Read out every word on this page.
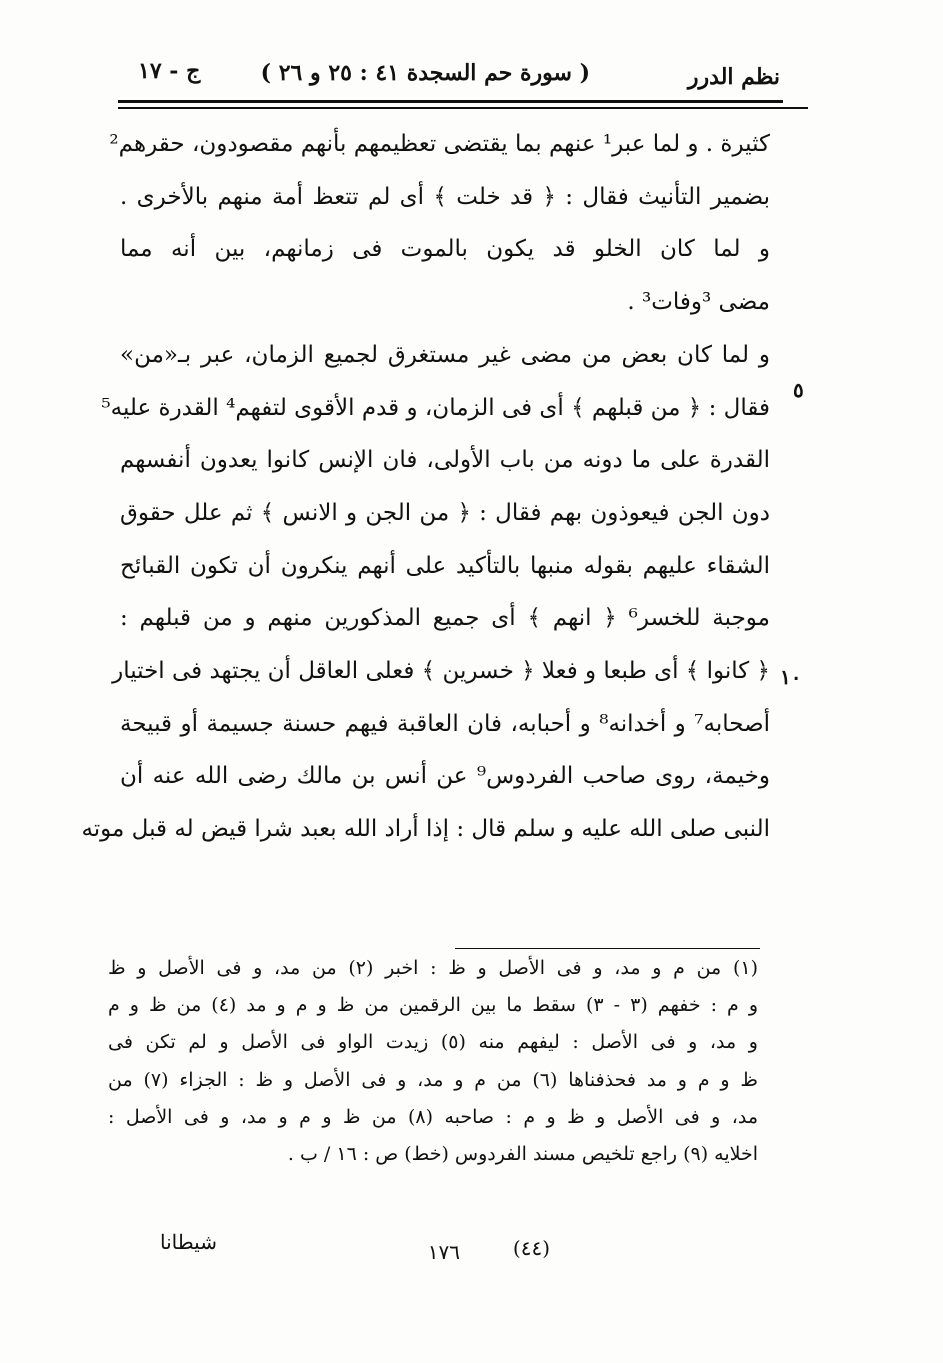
نظم الدرر
( سورة حم السجدة ٤١ : ٢٥ و ٢٦ )
ج - ١٧
كثيرة . و لما عبر¹ عنهم بما يقتضى تعظيمهم بأنهم مقصودون، حقرهم²
بضمير التأنيث فقال : ﴿ قد خلت ﴾ أى لم تتعظ أمة منهم بالأخرى .
و لما كان الخلو قد يكون بالموت فى زمانهم، بين أنه مما
مضى ³وفات³ .
و لما كان بعض من مضى غير مستغرق لجميع الزمان، عبر بـ«من»
فقال : ﴿ من قبلهم ﴾ أى فى الزمان، و قدم الأقوى لتفهم⁴ القدرة عليه⁵
القدرة على ما دونه من باب الأولى، فان الإنس كانوا يعدون أنفسهم
دون الجن فيعوذون بهم فقال : ﴿ من الجن و الانس ﴾ ثم علل حقوق
الشقاء عليهم بقوله منبها بالتأكيد على أنهم ينكرون أن تكون القبائح
موجبة للخسر⁶ ﴿ انهم ﴾ أى جميع المذكورين منهم و من قبلهم :
﴿ كانوا ﴾ أى طبعا و فعلا ﴿ خسرين ﴾ فعلى العاقل أن يجتهد فى اختيار
أصحابه⁷ و أخدانه⁸ و أحبابه، فان العاقبة فيهم حسنة جسيمة أو قبيحة
وخيمة، روى صاحب الفردوس⁹ عن أنس بن مالك رضى الله عنه أن
النبى صلى الله عليه و سلم قال : إذا أراد الله بعبد شرا قيض له قبل موته
٥
١٠
(١) من م و مد، و فى الأصل و ظ : اخبر (٢) من مد، و فى الأصل و ظ
و م : خفهم (٣ - ٣) سقط ما بين الرقمين من ظ و م و مد (٤) من ظ و م
و مد، و فى الأصل : ليفهم منه (٥) زيدت الواو فى الأصل و لم تكن فى
ظ و م و مد فحذفناها (٦) من م و مد، و فى الأصل و ظ : الجزاء (٧) من
مد، و فى الأصل و ظ و م : صاحبه (٨) من ظ و م و مد، و فى الأصل :
اخلايه (٩) راجع تلخيص مسند الفردوس (خط) ص : ١٦ / ب .
١٧٦	(٤٤)
شيطانا
